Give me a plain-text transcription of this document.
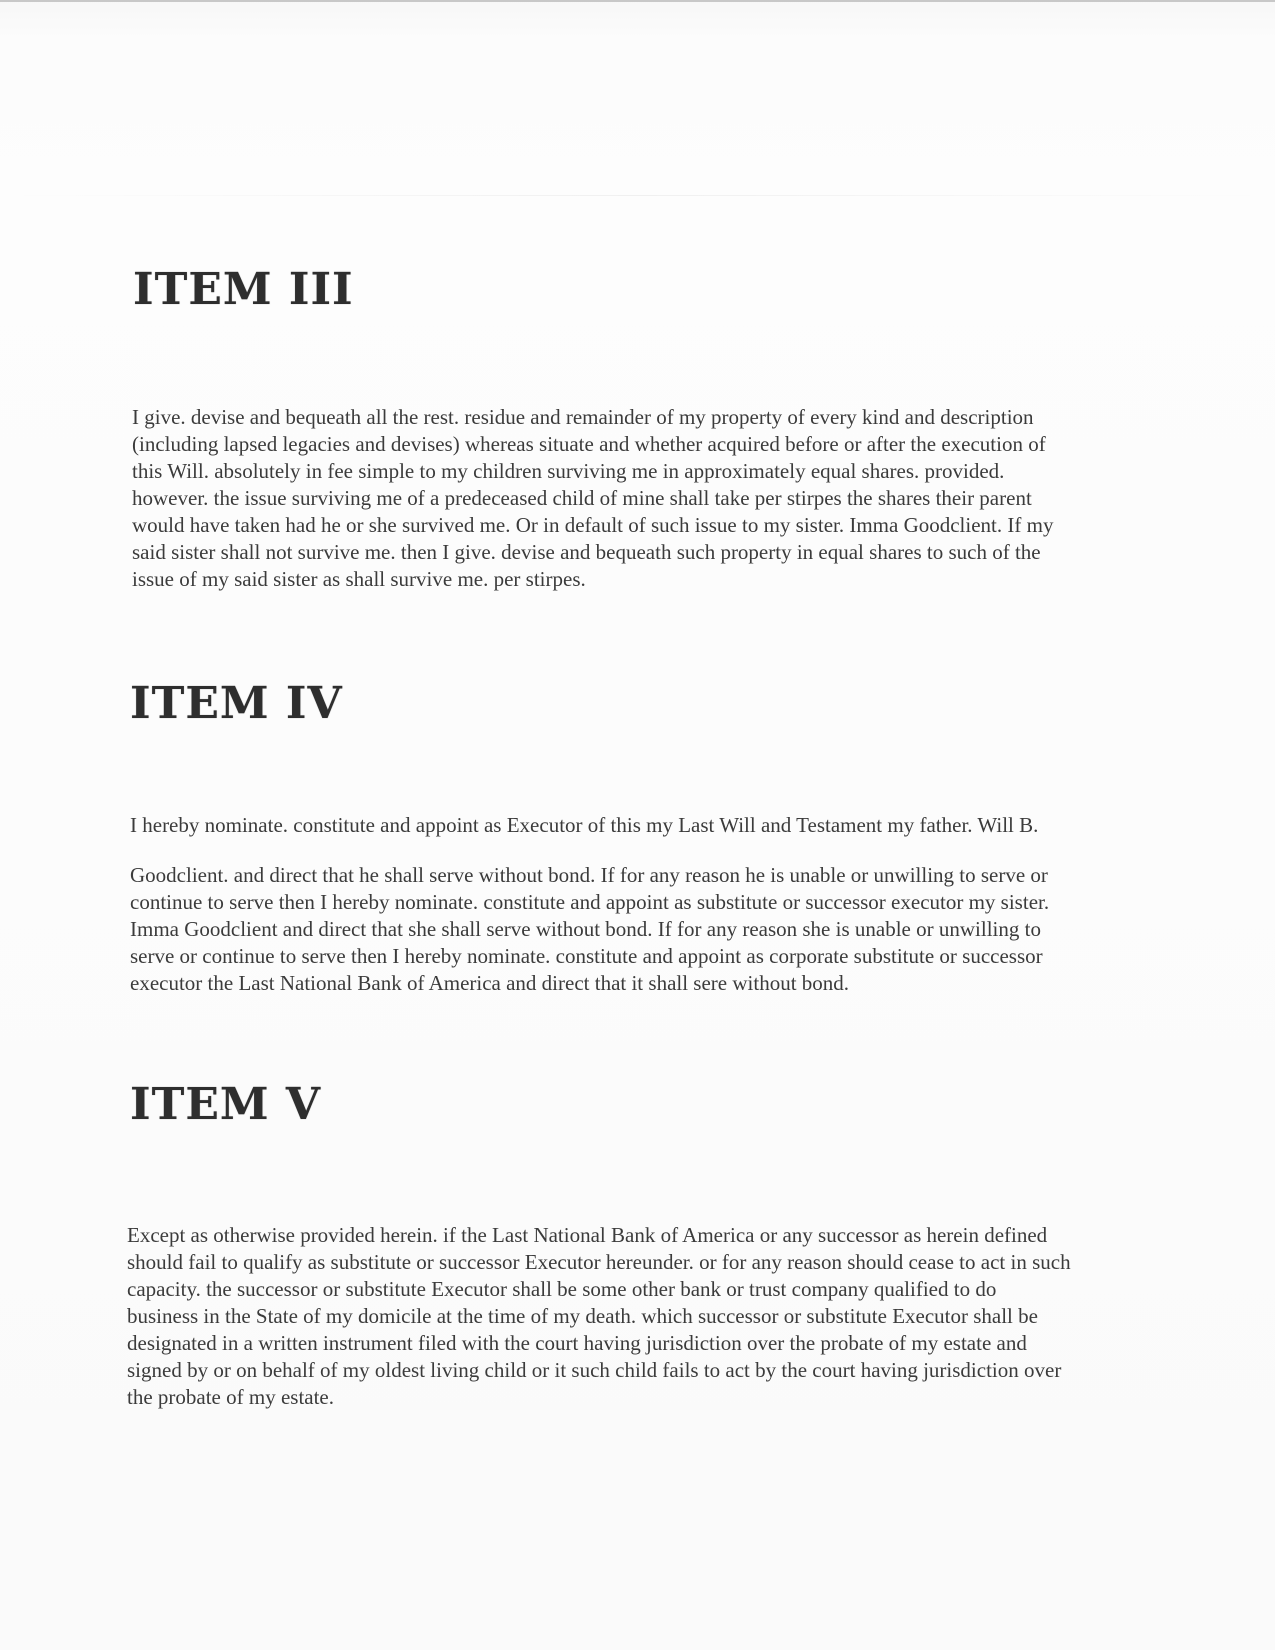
ITEM III
I give. devise and bequeath all the rest. residue and remainder of my property of every kind and description
(including lapsed legacies and devises) whereas situate and whether acquired before or after the execution of
this Will. absolutely in fee simple to my children surviving me in approximately equal shares. provided.
however. the issue surviving me of a predeceased child of mine shall take per stirpes the shares their parent
would have taken had he or she survived me. Or in default of such issue to my sister. Imma Goodclient. If my
said sister shall not survive me. then I give. devise and bequeath such property in equal shares to such of the
issue of my said sister as shall survive me. per stirpes.
ITEM IV
I hereby nominate. constitute and appoint as Executor of this my Last Will and Testament my father. Will B.
Goodclient. and direct that he shall serve without bond. If for any reason he is unable or unwilling to serve or
continue to serve then I hereby nominate. constitute and appoint as substitute or successor executor my sister.
Imma Goodclient and direct that she shall serve without bond. If for any reason she is unable or unwilling to
serve or continue to serve then I hereby nominate. constitute and appoint as corporate substitute or successor
executor the Last National Bank of America and direct that it shall sere without bond.
ITEM V
Except as otherwise provided herein. if the Last National Bank of America or any successor as herein defined
should fail to qualify as substitute or successor Executor hereunder. or for any reason should cease to act in such
capacity. the successor or substitute Executor shall be some other bank or trust company qualified to do
business in the State of my domicile at the time of my death. which successor or substitute Executor shall be
designated in a written instrument filed with the court having jurisdiction over the probate of my estate and
signed by or on behalf of my oldest living child or it such child fails to act by the court having jurisdiction over
the probate of my estate.
